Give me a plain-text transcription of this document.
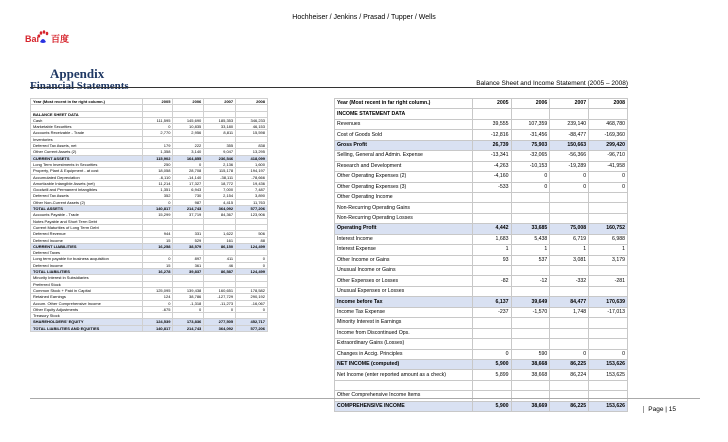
Hochheiser / Jenkins / Prasad / Tupper / Wells
Bai 百度
Appendix
Financial Statements	Balance Sheet and Income Statement (2005 – 2008)
Year (Most recent in far right column.)	2005	2006	2007	2008

BALANCE SHEET DATA				
Cash	111,595	145,690	185,353	346,233
Marketable Securities	0	10,835	33,180	46,153
Accounts Receivable - Trade	2,770	2,956	8,811	15,598
Inventories				
Deferred Tax Assets, net	179	222	355	838
Other Current Assets (2)	1,358	3,140	9,047	13,295
CURRENT ASSETS	115,902	164,855	236,546	418,099
Long Term Investments in Securities	250	0	2,136	1,600
Property, Plant & Equipment - at cost	18,058	28,708	115,178	194,197
Accumulated Depreciation	-6,110	-14,140	-38,111	-78,666
Amortizable Intangible Assets (net)	11,214	17,327	18,772	19,436
Goodwill and Permanent Intangibles	1,351	6,943	7,000	7,487
Deferred Tax Assets	352	730	2,154	3,890
Other Non-Current Assets (2)	0	987	4,415	11,763
TOTAL ASSETS	140,817	214,743	364,092	577,206
Accounts Payable - Trade	15,299	37,719	84,367	123,906
Notes Payable and Short Term Debt				
Current Maturities of Long Term Debt				
Deferred Revenue	944	331	1,622	506
Deferred Income	15	529	161	88
CURRENT LIABILITIES	16,258	38,579	86,150	124,499
Deferred Taxes				
Long term payable for business acquisition	0	897	411	0
Deferred Income	15	361	46	0
TOTAL LIABILITIES	16,278	39,837	86,587	124,499
Minority Interest in Subsidiaries				
Preferred Stock				
Common Stock + Paid in Capital	125,095	139,438	160,651	178,582
Retained Earnings	124	38,786	-127,729	290,192
Accum. Other Comprehensive Income	0	-1,318	-11,273	-16,067
Other Equity Adjustments	-675	0	0	0
Treasury Stock				
SHAREHOLDERS' EQUITY	124,539	173,836	277,505	452,717
TOTAL LIABILITIES AND EQUITIES	140,817	214,743	364,092	577,206
Year (Most recent in far right column.)	2005	2006	2007	2008
INCOME STATEMENT DATA				
Revenues	39,555	107,359	239,140	468,780
Cost of Goods Sold	-12,816	-31,456	-88,477	-169,360
Gross Profit	26,739	75,903	150,663	299,420
Selling, General and Admin. Expense	-13,341	-32,065	-56,366	-96,710
Research and Development	-4,263	-10,153	-19,289	-41,958
Other Operating Expenses (2)	-4,160	0	0	0
Other Operating Expenses (3)	-533	0	0	0
Other Operating Income				
Non-Recurring Operating Gains				
Non-Recurring Operating Losses				
Operating Profit	4,442	33,685	75,008	160,752
Interest Income	1,683	5,438	6,719	6,988
Interest Expense	1	1	1	1
Other Income or Gains	93	537	3,081	3,179
Unusual Income or Gains				
Other Expenses or Losses	-82	-12	-332	-281
Unusual Expenses or Losses				
Income before Tax	6,137	39,649	84,477	170,639
Income Tax Expense	-237	-1,570	1,748	-17,013
Minority Interest in Earnings				
Income from Discontinued Ops.				
Extraordinary Gains (Losses)				
Changes in Accig. Principles	0	590	0	0
NET INCOME (computed)	5,900	38,668	86,225	153,626
Net Income (enter reported amount as a check)	5,899	38,668	86,224	153,625

Other Comprehensive Income Items				
COMPREHENSIVE INCOME	5,900	38,669	86,225	153,626
Page | 15
